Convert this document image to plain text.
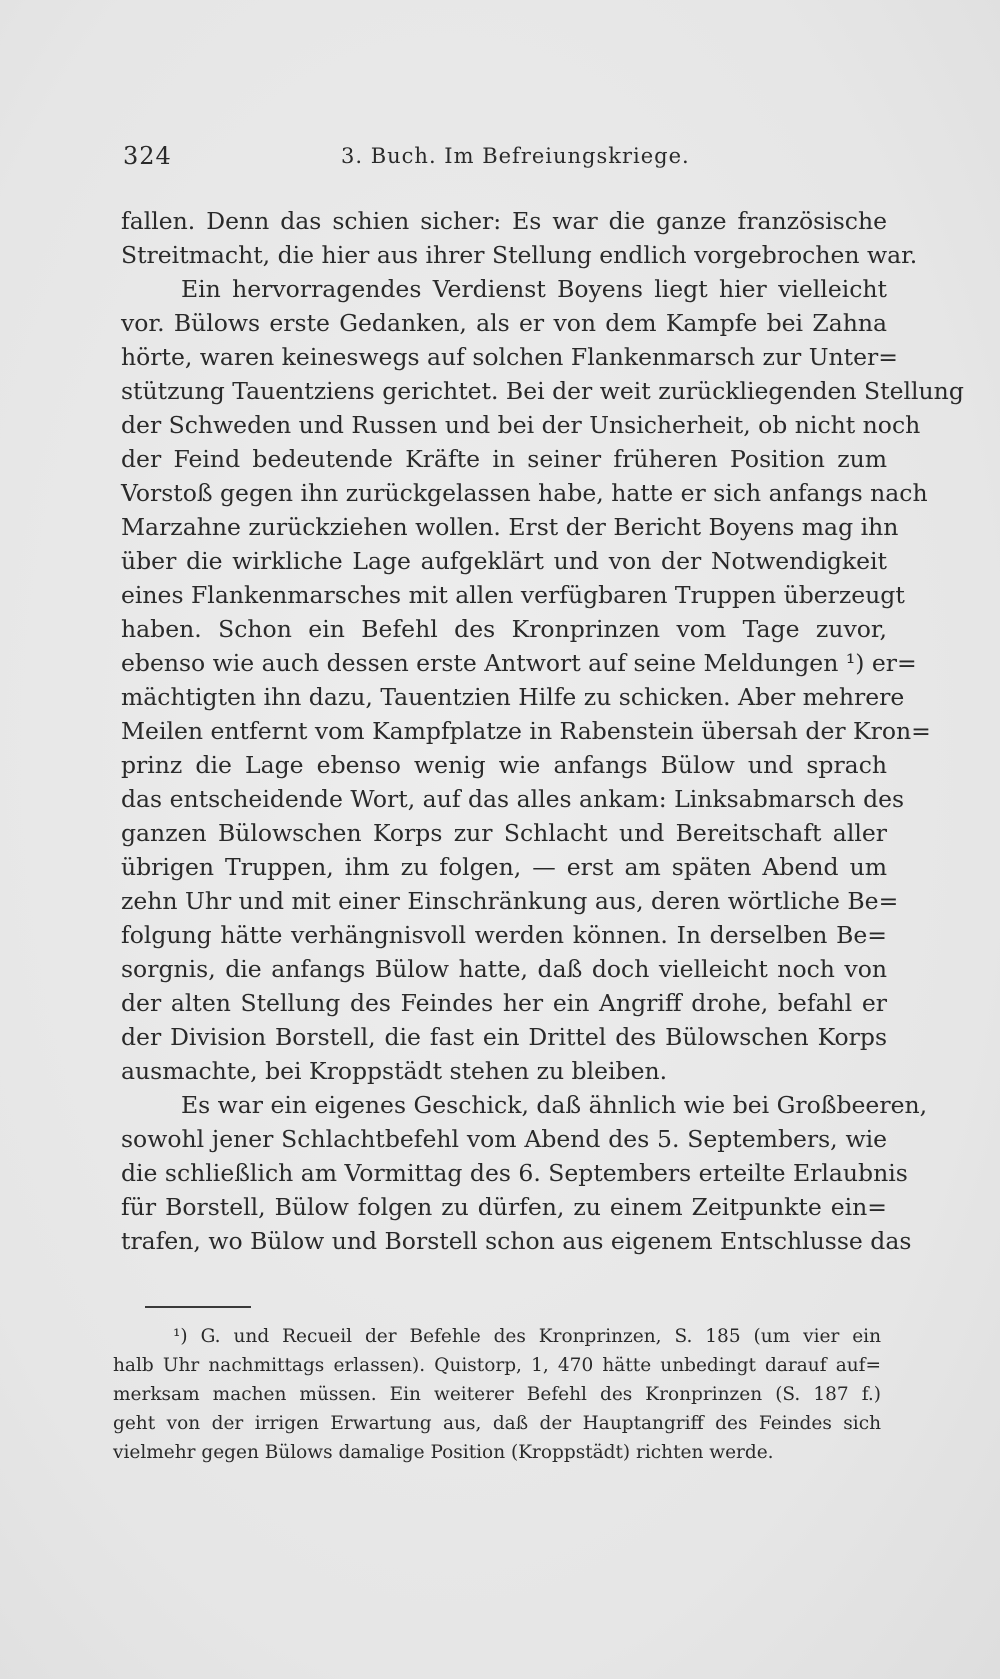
324	3. Buch. Im Befreiungskriege.
fallen. Denn das schien sicher: Es war die ganze französische
Streitmacht, die hier aus ihrer Stellung endlich vorgebrochen war.
Ein hervorragendes Verdienst Boyens liegt hier vielleicht
vor. Bülows erste Gedanken, als er von dem Kampfe bei Zahna
hörte, waren keineswegs auf solchen Flankenmarsch zur Unter=
stützung Tauentziens gerichtet. Bei der weit zurückliegenden Stellung
der Schweden und Russen und bei der Unsicherheit, ob nicht noch
der Feind bedeutende Kräfte in seiner früheren Position zum
Vorstoß gegen ihn zurückgelassen habe, hatte er sich anfangs nach
Marzahne zurückziehen wollen. Erst der Bericht Boyens mag ihn
über die wirkliche Lage aufgeklärt und von der Notwendigkeit
eines Flankenmarsches mit allen verfügbaren Truppen überzeugt
haben. Schon ein Befehl des Kronprinzen vom Tage zuvor,
ebenso wie auch dessen erste Antwort auf seine Meldungen ¹) er=
mächtigten ihn dazu, Tauentzien Hilfe zu schicken. Aber mehrere
Meilen entfernt vom Kampfplatze in Rabenstein übersah der Kron=
prinz die Lage ebenso wenig wie anfangs Bülow und sprach
das entscheidende Wort, auf das alles ankam: Linksabmarsch des
ganzen Bülowschen Korps zur Schlacht und Bereitschaft aller
übrigen Truppen, ihm zu folgen, — erst am späten Abend um
zehn Uhr und mit einer Einschränkung aus, deren wörtliche Be=
folgung hätte verhängnisvoll werden können. In derselben Be=
sorgnis, die anfangs Bülow hatte, daß doch vielleicht noch von
der alten Stellung des Feindes her ein Angriff drohe, befahl er
der Division Borstell, die fast ein Drittel des Bülowschen Korps
ausmachte, bei Kroppstädt stehen zu bleiben.
Es war ein eigenes Geschick, daß ähnlich wie bei Großbeeren,
sowohl jener Schlachtbefehl vom Abend des 5. Septembers, wie
die schließlich am Vormittag des 6. Septembers erteilte Erlaubnis
für Borstell, Bülow folgen zu dürfen, zu einem Zeitpunkte ein=
trafen, wo Bülow und Borstell schon aus eigenem Entschlusse das
¹) G. und Recueil der Befehle des Kronprinzen, S. 185 (um vier ein
halb Uhr nachmittags erlassen). Quistorp, 1, 470 hätte unbedingt darauf auf=
merksam machen müssen. Ein weiterer Befehl des Kronprinzen (S. 187 f.)
geht von der irrigen Erwartung aus, daß der Hauptangriff des Feindes sich
vielmehr gegen Bülows damalige Position (Kroppstädt) richten werde.
